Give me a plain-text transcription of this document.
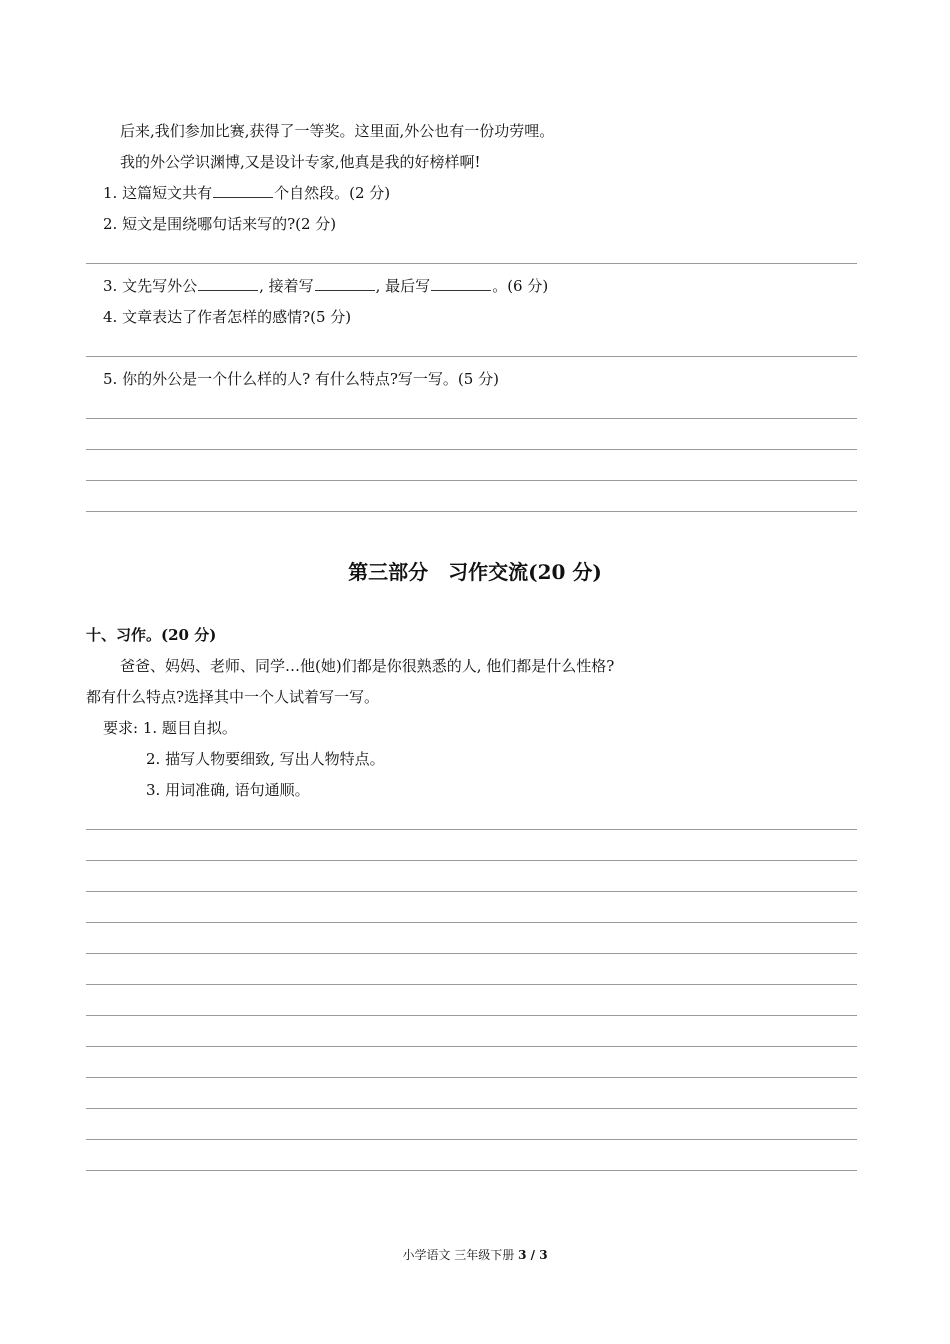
后来,我们参加比赛,获得了一等奖。这里面,外公也有一份功劳哩。
我的外公学识渊博,又是设计专家,他真是我的好榜样啊!
1. 这篇短文共有	个自然段。(2 分)
2. 短文是围绕哪句话来写的?(2 分)
3. 文先写外公	, 接着写	, 最后写	。(6 分)
4. 文章表达了作者怎样的感情?(5 分)
5. 你的外公是一个什么样的人? 有什么特点?写一写。(5 分)
第三部分　习作交流(20 分)
十、习作。(20 分)
爸爸、妈妈、老师、同学…他(她)们都是你很熟悉的人, 他们都是什么性格?
都有什么特点?选择其中一个人试着写一写。
要求: 1. 题目自拟。
2. 描写人物要细致, 写出人物特点。
3. 用词准确, 语句通顺。
小学语文 三年级下册 3 / 3
